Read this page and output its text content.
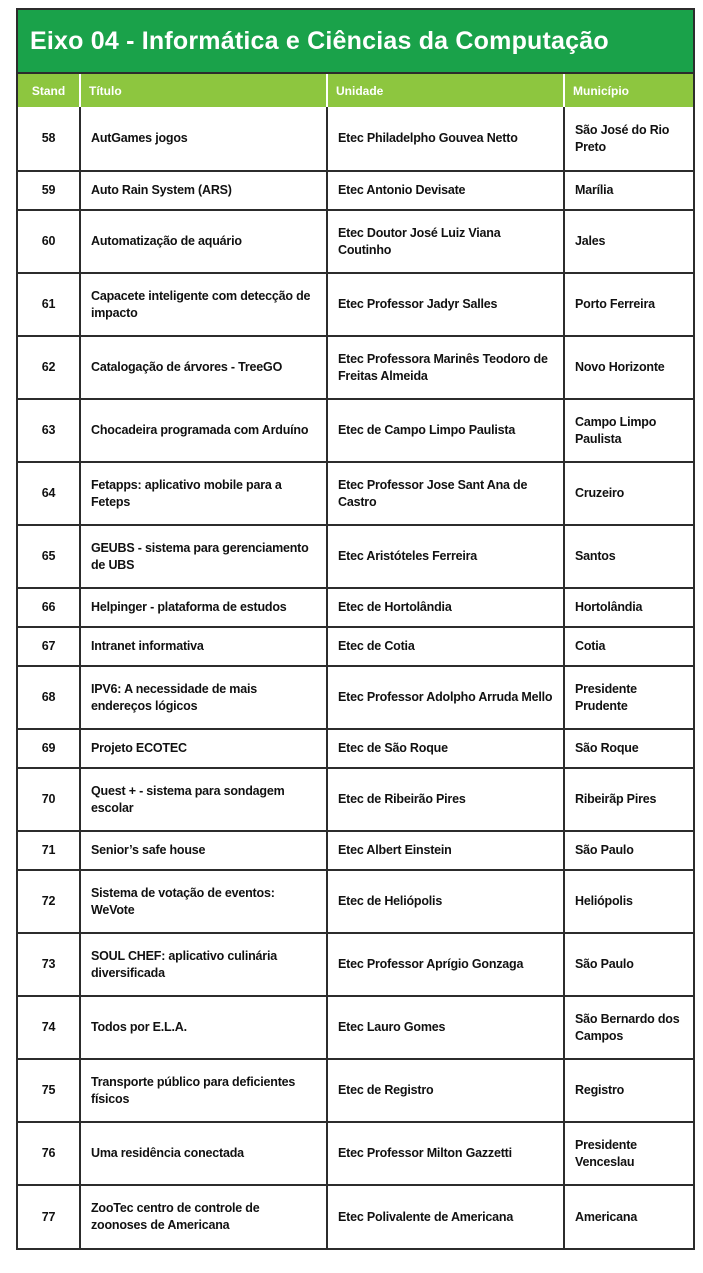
Eixo 04 - Informática e Ciências da Computação
Stand	Título	Unidade	Município
58	AutGames jogos	Etec Philadelpho Gouvea Netto	São José do Rio Preto
59	Auto Rain System (ARS)	Etec Antonio Devisate	Marília
60	Automatização de aquário	Etec Doutor José Luiz Viana Coutinho	Jales
61	Capacete inteligente com detecção de impacto	Etec Professor Jadyr Salles	Porto Ferreira
62	Catalogação de árvores - TreeGO	Etec Professora Marinês Teodoro de Freitas Almeida	Novo Horizonte
63	Chocadeira programada com Arduíno	Etec de Campo Limpo Paulista	Campo Limpo Paulista
64	Fetapps: aplicativo mobile para a Feteps	Etec Professor Jose Sant Ana de Castro	Cruzeiro
65	GEUBS - sistema para gerenciamento de UBS	Etec Aristóteles Ferreira	Santos
66	Helpinger - plataforma de estudos	Etec de Hortolândia	Hortolândia
67	Intranet informativa	Etec de Cotia	Cotia
68	IPV6: A necessidade de mais endereços lógicos	Etec Professor Adolpho Arruda Mello	Presidente Prudente
69	Projeto ECOTEC	Etec de São Roque	São Roque
70	Quest + - sistema para sondagem escolar	Etec de Ribeirão Pires	Ribeirãp Pires
71	Senior’s safe house	Etec Albert Einstein	São Paulo
72	Sistema de votação de eventos: WeVote	Etec de Heliópolis	Heliópolis
73	SOUL CHEF: aplicativo culinária diversificada	Etec Professor Aprígio Gonzaga	São Paulo
74	Todos por E.L.A.	Etec Lauro Gomes	São Bernardo dos Campos
75	Transporte público para deficientes físicos	Etec de Registro	Registro
76	Uma residência conectada	Etec Professor Milton Gazzetti	Presidente Venceslau
77	ZooTec centro de controle de zoonoses de Americana	Etec Polivalente de Americana	Americana
